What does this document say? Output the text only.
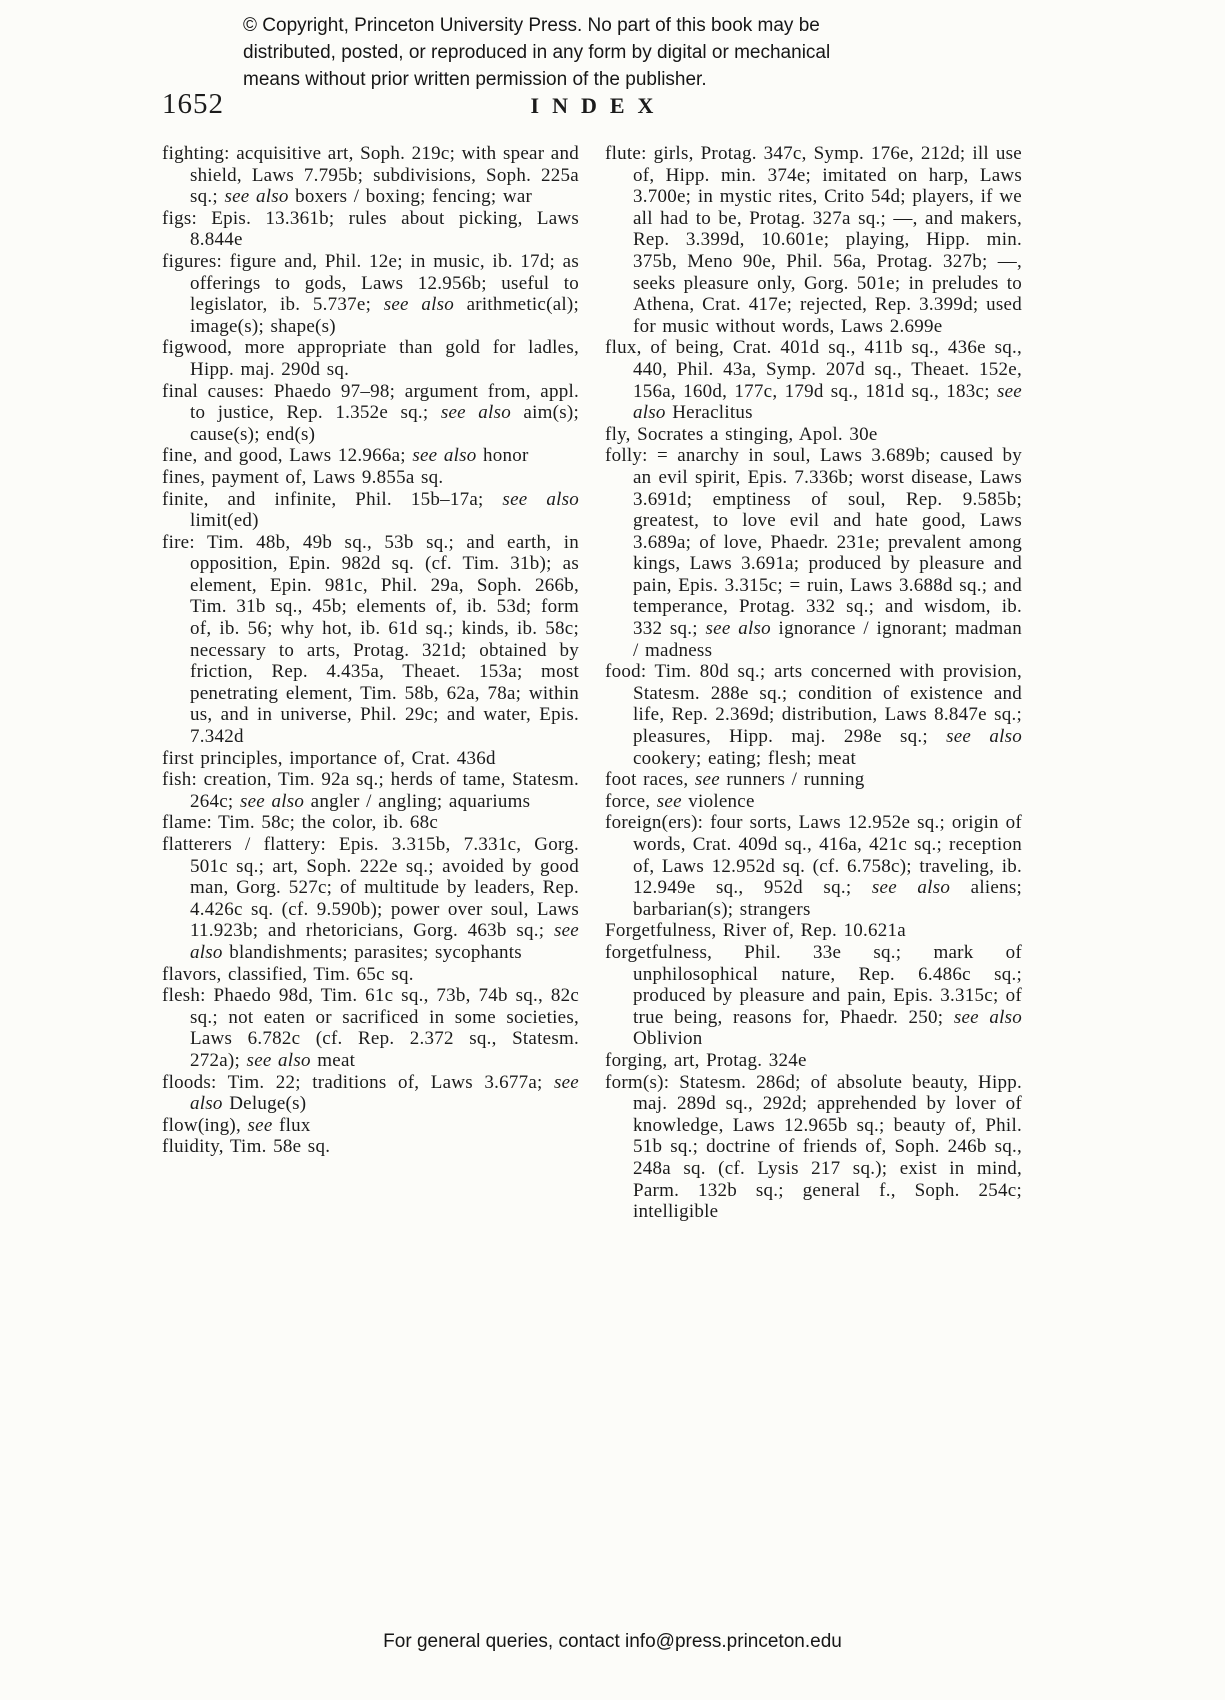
© Copyright, Princeton University Press. No part of this book may be
distributed, posted, or reproduced in any form by digital or mechanical
means without prior written permission of the publisher.
1652	INDEX

fighting: acquisitive art, Soph. 219c; with spear and shield, Laws 7.795b; subdivisions, Soph. 225a sq.; see also boxers / boxing; fencing; war

figs: Epis. 13.361b; rules about picking, Laws 8.844e

figures: figure and, Phil. 12e; in music, ib. 17d; as offerings to gods, Laws 12.956b; useful to legislator, ib. 5.737e; see also arithmetic(al); image(s); shape(s)

figwood, more appropriate than gold for ladles, Hipp. maj. 290d sq.

final causes: Phaedo 97–98; argument from, appl. to justice, Rep. 1.352e sq.; see also aim(s); cause(s); end(s)

fine, and good, Laws 12.966a; see also honor

fines, payment of, Laws 9.855a sq.

finite, and infinite, Phil. 15b–17a; see also limit(ed)

fire: Tim. 48b, 49b sq., 53b sq.; and earth, in opposition, Epin. 982d sq. (cf. Tim. 31b); as element, Epin. 981c, Phil. 29a, Soph. 266b, Tim. 31b sq., 45b; elements of, ib. 53d; form of, ib. 56; why hot, ib. 61d sq.; kinds, ib. 58c; necessary to arts, Protag. 321d; obtained by friction, Rep. 4.435a, Theaet. 153a; most penetrating element, Tim. 58b, 62a, 78a; within us, and in universe, Phil. 29c; and water, Epis. 7.342d

first principles, importance of, Crat. 436d

fish: creation, Tim. 92a sq.; herds of tame, Statesm. 264c; see also angler / angling; aquariums

flame: Tim. 58c; the color, ib. 68c

flatterers / flattery: Epis. 3.315b, 7.331c, Gorg. 501c sq.; art, Soph. 222e sq.; avoided by good man, Gorg. 527c; of multitude by leaders, Rep. 4.426c sq. (cf. 9.590b); power over soul, Laws 11.923b; and rhetoricians, Gorg. 463b sq.; see also blandishments; parasites; sycophants

flavors, classified, Tim. 65c sq.

flesh: Phaedo 98d, Tim. 61c sq., 73b, 74b sq., 82c sq.; not eaten or sacrificed in some societies, Laws 6.782c (cf. Rep. 2.372 sq., Statesm. 272a); see also meat

floods: Tim. 22; traditions of, Laws 3.677a; see also Deluge(s)

flow(ing), see flux

fluidity, Tim. 58e sq.

flute: girls, Protag. 347c, Symp. 176e, 212d; ill use of, Hipp. min. 374e; imitated on harp, Laws 3.700e; in mystic rites, Crito 54d; players, if we all had to be, Protag. 327a sq.; —, and makers, Rep. 3.399d, 10.601e; playing, Hipp. min. 375b, Meno 90e, Phil. 56a, Protag. 327b; —, seeks pleasure only, Gorg. 501e; in preludes to Athena, Crat. 417e; rejected, Rep. 3.399d; used for music without words, Laws 2.699e

flux, of being, Crat. 401d sq., 411b sq., 436e sq., 440, Phil. 43a, Symp. 207d sq., Theaet. 152e, 156a, 160d, 177c, 179d sq., 181d sq., 183c; see also Heraclitus

fly, Socrates a stinging, Apol. 30e

folly: = anarchy in soul, Laws 3.689b; caused by an evil spirit, Epis. 7.336b; worst disease, Laws 3.691d; emptiness of soul, Rep. 9.585b; greatest, to love evil and hate good, Laws 3.689a; of love, Phaedr. 231e; prevalent among kings, Laws 3.691a; produced by pleasure and pain, Epis. 3.315c; = ruin, Laws 3.688d sq.; and temperance, Protag. 332 sq.; and wisdom, ib. 332 sq.; see also ignorance / ignorant; madman / madness

food: Tim. 80d sq.; arts concerned with provision, Statesm. 288e sq.; condition of existence and life, Rep. 2.369d; distribution, Laws 8.847e sq.; pleasures, Hipp. maj. 298e sq.; see also cookery; eating; flesh; meat

foot races, see runners / running

force, see violence

foreign(ers): four sorts, Laws 12.952e sq.; origin of words, Crat. 409d sq., 416a, 421c sq.; reception of, Laws 12.952d sq. (cf. 6.758c); traveling, ib. 12.949e sq., 952d sq.; see also aliens; barbarian(s); strangers

Forgetfulness, River of, Rep. 10.621a

forgetfulness, Phil. 33e sq.; mark of unphilosophical nature, Rep. 6.486c sq.; produced by pleasure and pain, Epis. 3.315c; of true being, reasons for, Phaedr. 250; see also Oblivion

forging, art, Protag. 324e

form(s): Statesm. 286d; of absolute beauty, Hipp. maj. 289d sq., 292d; apprehended by lover of knowledge, Laws 12.965b sq.; beauty of, Phil. 51b sq.; doctrine of friends of, Soph. 246b sq., 248a sq. (cf. Lysis 217 sq.); exist in mind, Parm. 132b sq.; general f., Soph. 254c; intelligible

For general queries, contact info@press.princeton.edu
